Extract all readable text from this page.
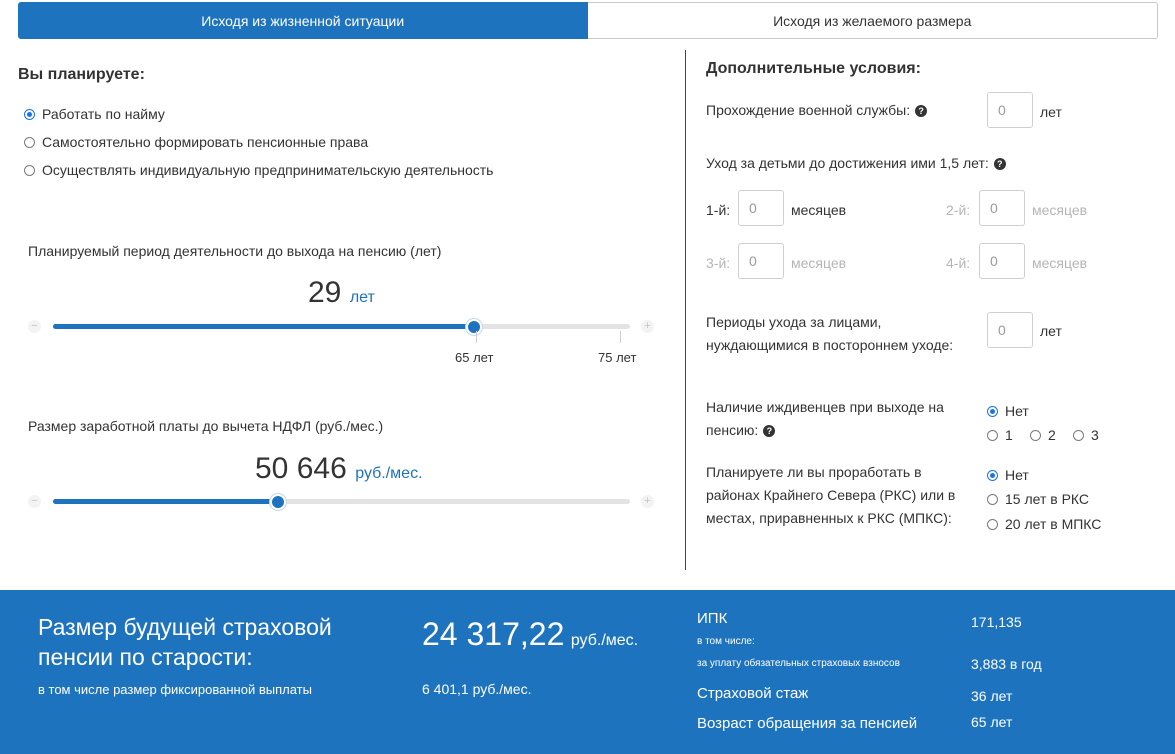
Исходя из жизненной ситуации	Исходя из желаемого размера
Вы планируете:
Работать по найму
Самостоятельно формировать пенсионные права
Осуществлять индивидуальную предпринимательскую деятельность
Планируемый период деятельности до выхода на пенсию (лет)
29 лет
−	+
65 лет	75 лет
Размер заработной платы до вычета НДФЛ (руб./мес.)
50 646 руб./мес.
−	+
Дополнительные условия:
Прохождение военной службы: ?
0	лет
Уход за детьми до достижения ими 1,5 лет: ?
1-й:
0	месяцев	2-й:
0	месяцев
3-й:
0	месяцев	4-й:
0	месяцев
Периоды ухода за лицами, нуждающимися в постороннем уходе:
0
лет
Наличие иждивенцев при выходе на пенсию: ?
Нет
1	2	3
Планируете ли вы проработать в районах Крайнего Севера (РКС) или в местах, приравненных к РКС (МПКС):
Нет
15 лет в РКС
20 лет в МПКС
Размер будущей страховой пенсии по старости:
24 317,22 руб./мес.
в том числе размер фиксированной выплаты	6 401,1 руб./мес.
ИПК	171,135
в том числе:
за уплату обязательных страховых взносов	3,883 в год
Страховой стаж	36 лет
Возраст обращения за пенсией	65 лет
